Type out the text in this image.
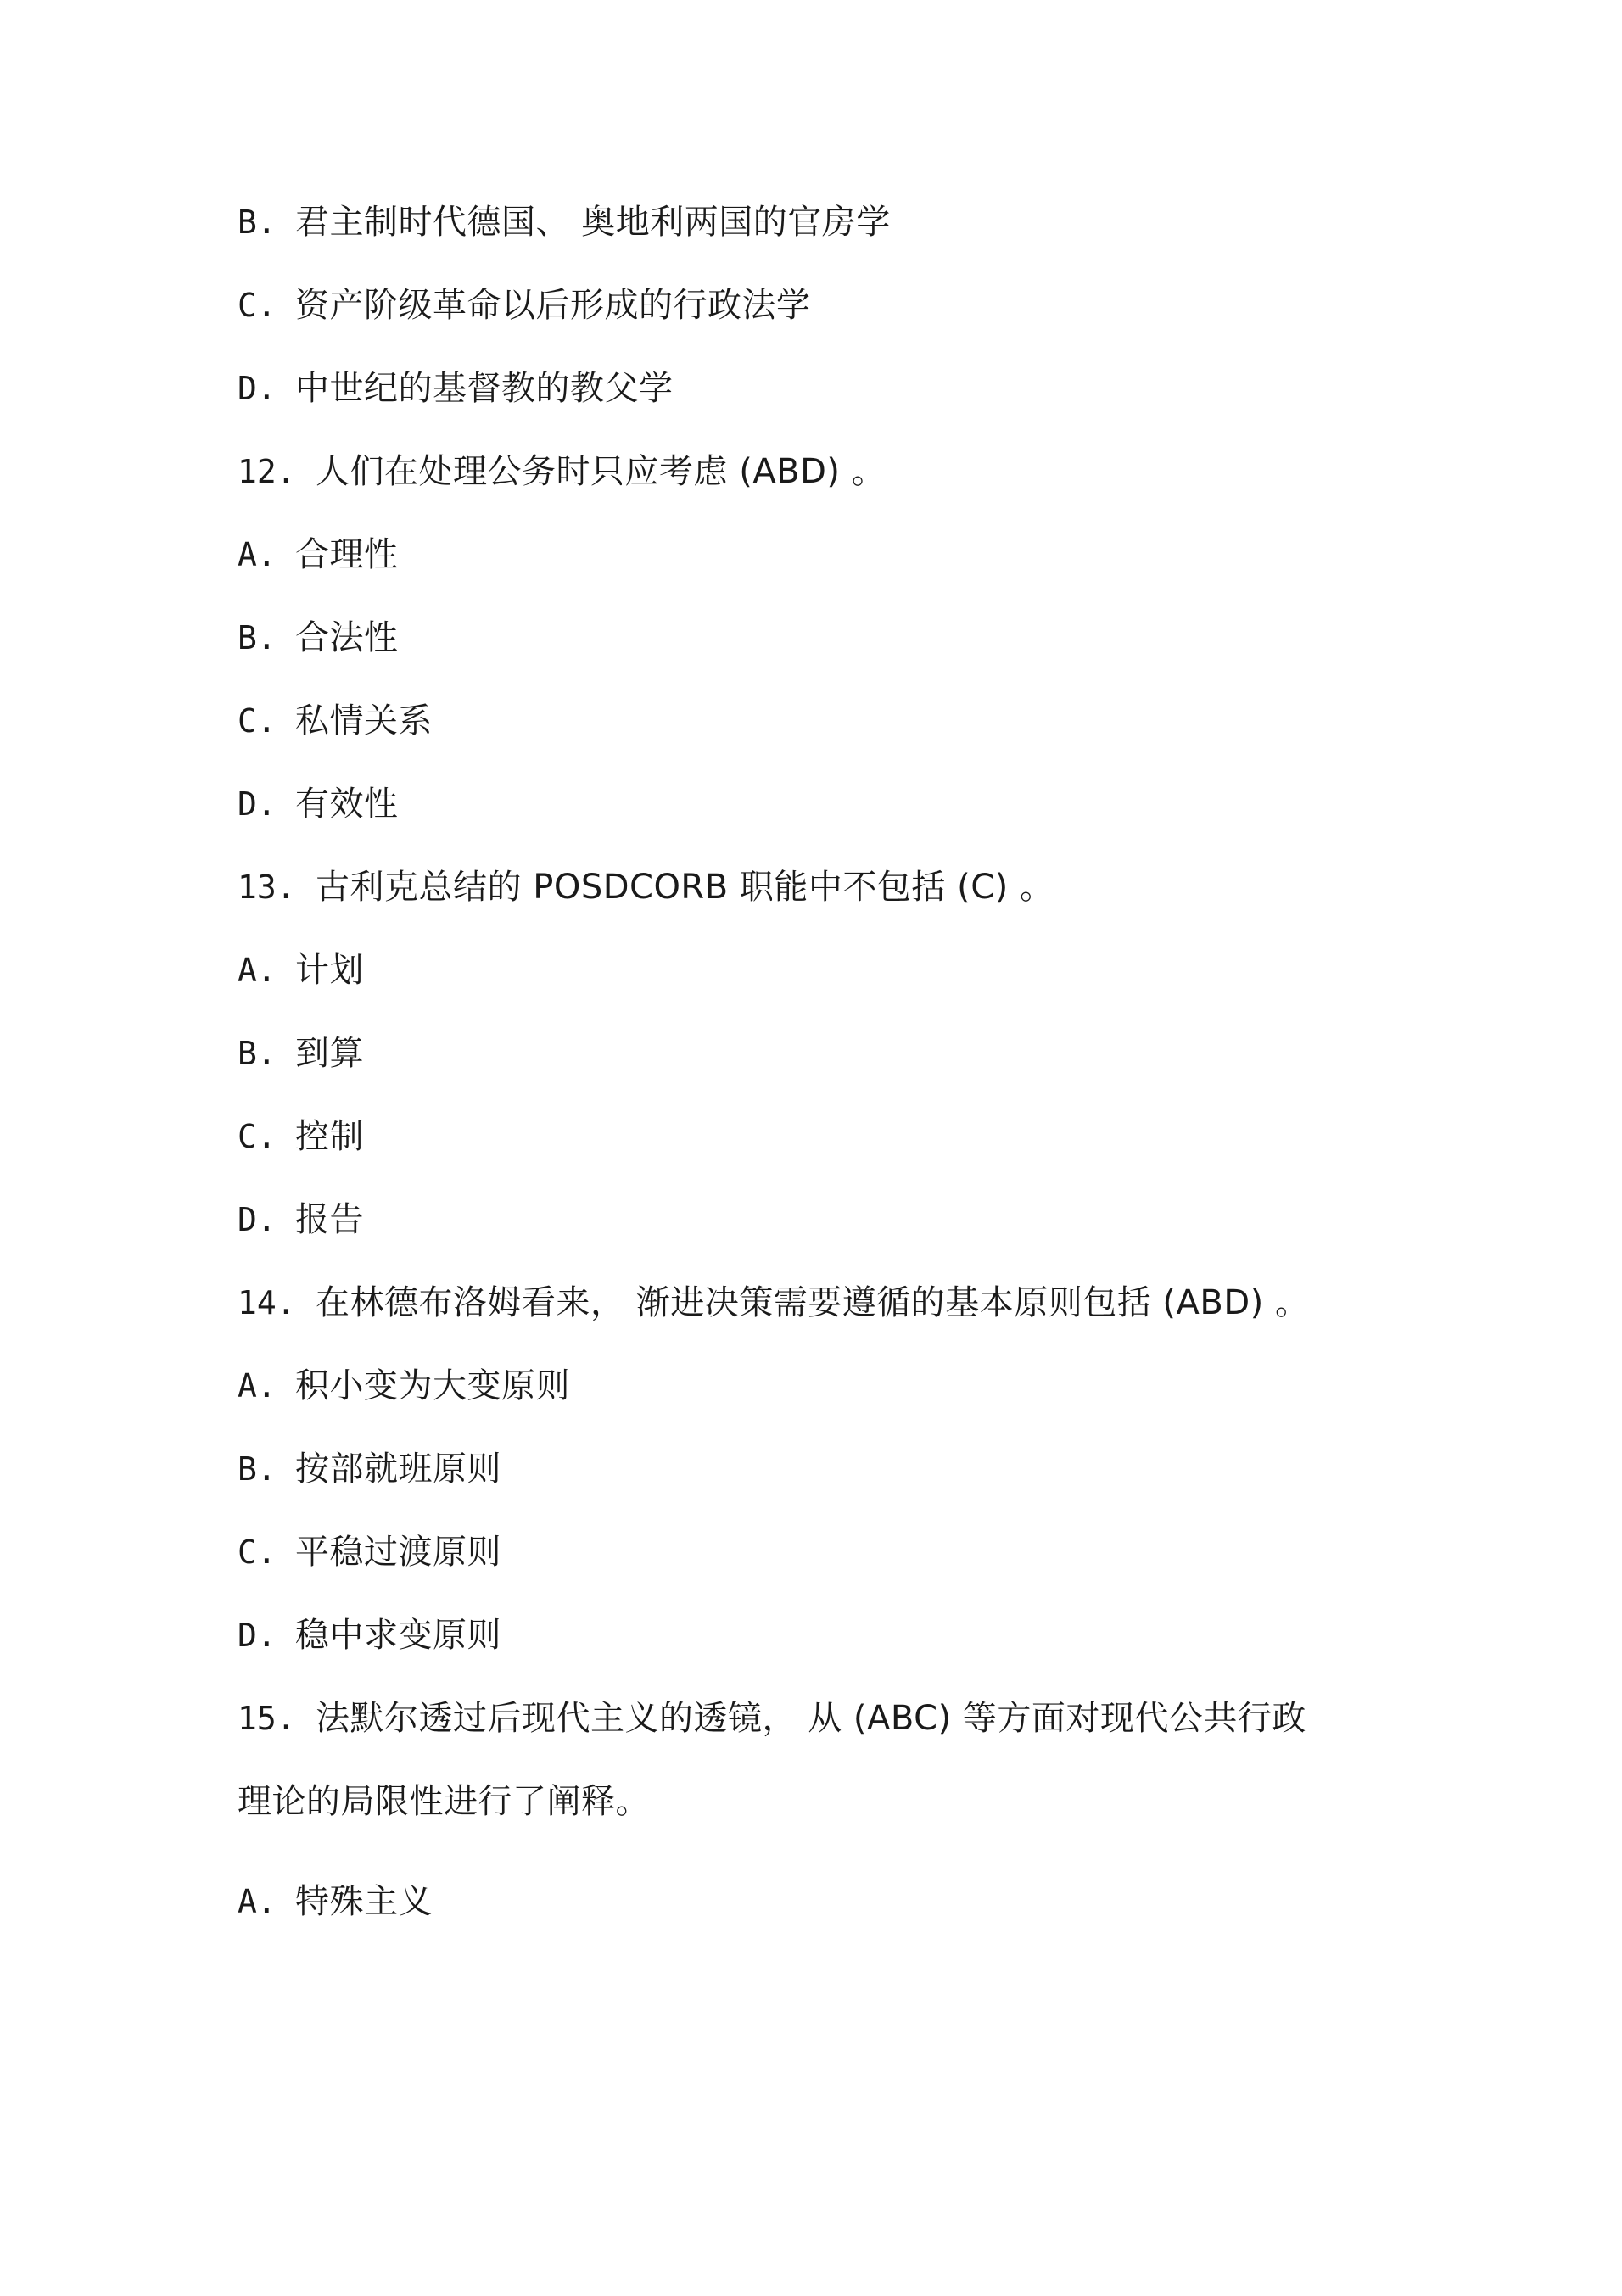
B. 君主制时代德国、 奥地利两国的官房学
C. 资产阶级革命以后形成的行政法学
D. 中世纪的基督教的教父学
12. 人们在处理公务时只应考虑 (ABD) 。
A. 合理性
B. 合法性
C. 私情关系
D. 有效性
13. 古利克总结的 POSDCORB 职能中不包括 (C) 。
A. 计划
B. 到算
C. 控制
D. 报告
14. 在林德布洛姆看来， 渐进决策需要遵循的基本原则包括 (ABD) 。
A. 积小变为大变原则
B. 按部就班原则
C. 平稳过渡原则
D. 稳中求变原则
15. 法默尔透过后现代主义的透镜， 从 (ABC) 等方面对现代公共行政
理论的局限性进行了阐释。
A. 特殊主义
